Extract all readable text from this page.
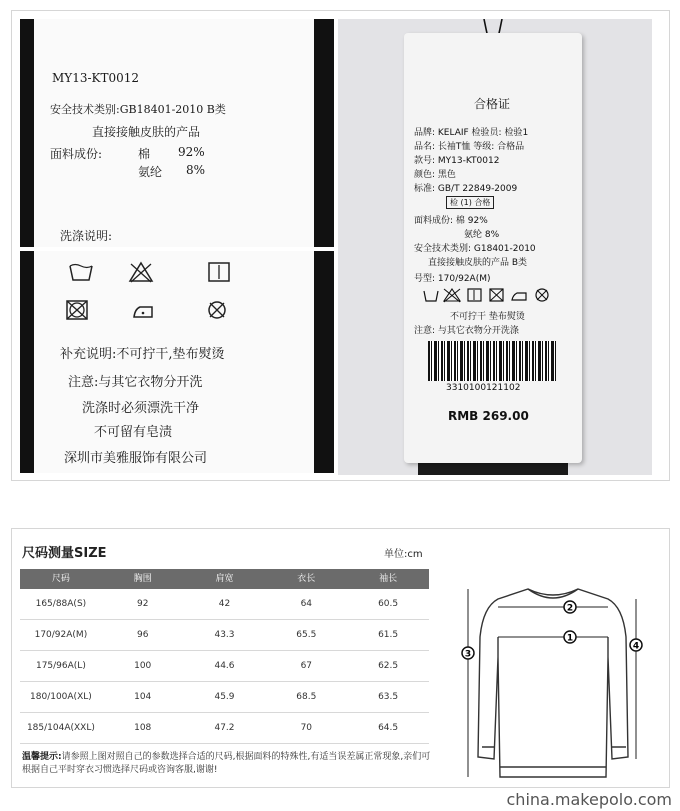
MY13-KT0012
安全技术类别:GB18401-2010 B类
直接接触皮肤的产品
面料成份:	棉 92%
氨纶 8%
洗涤说明:
补充说明:不可拧干,垫布熨烫
注意:与其它衣物分开洗
洗涤时必须漂洗干净
不可留有皂渍
深圳市美雅服饰有限公司
合格证
品牌: KELAIF 检验员: 检验1
品名: 长袖T恤 等级: 合格品
款号: MY13-KT0012
颜色: 黑色
标准: GB/T 22849-2009
检 (1) 合格
面料成份: 棉 92%
氨纶 8%
安全技术类别: G18401-2010
直接接触皮肤的产品 B类
号型: 170/92A(M)
不可拧干 垫布熨烫
注意: 与其它衣物分开洗涤
3310100121102
RMB 269.00
尺码测量SIZE	单位:cm
尺码	胸围	肩宽	衣长	袖长
165/88A(S)	92	42	64	60.5
170/92A(M)	96	43.3	65.5	61.5
175/96A(L)	100	44.6	67	62.5
180/100A(XL)	104	45.9	68.5	63.5
185/104A(XXL)	108	47.2	70	64.5
温馨提示:请参照上图对照自己的参数选择合适的尺码,根据面料的特殊性,有适当误差属正常现象,亲们可根据自己平时穿衣习惯选择尺码或咨询客服,谢谢!
2
1
3
4
china.makepolo.com
